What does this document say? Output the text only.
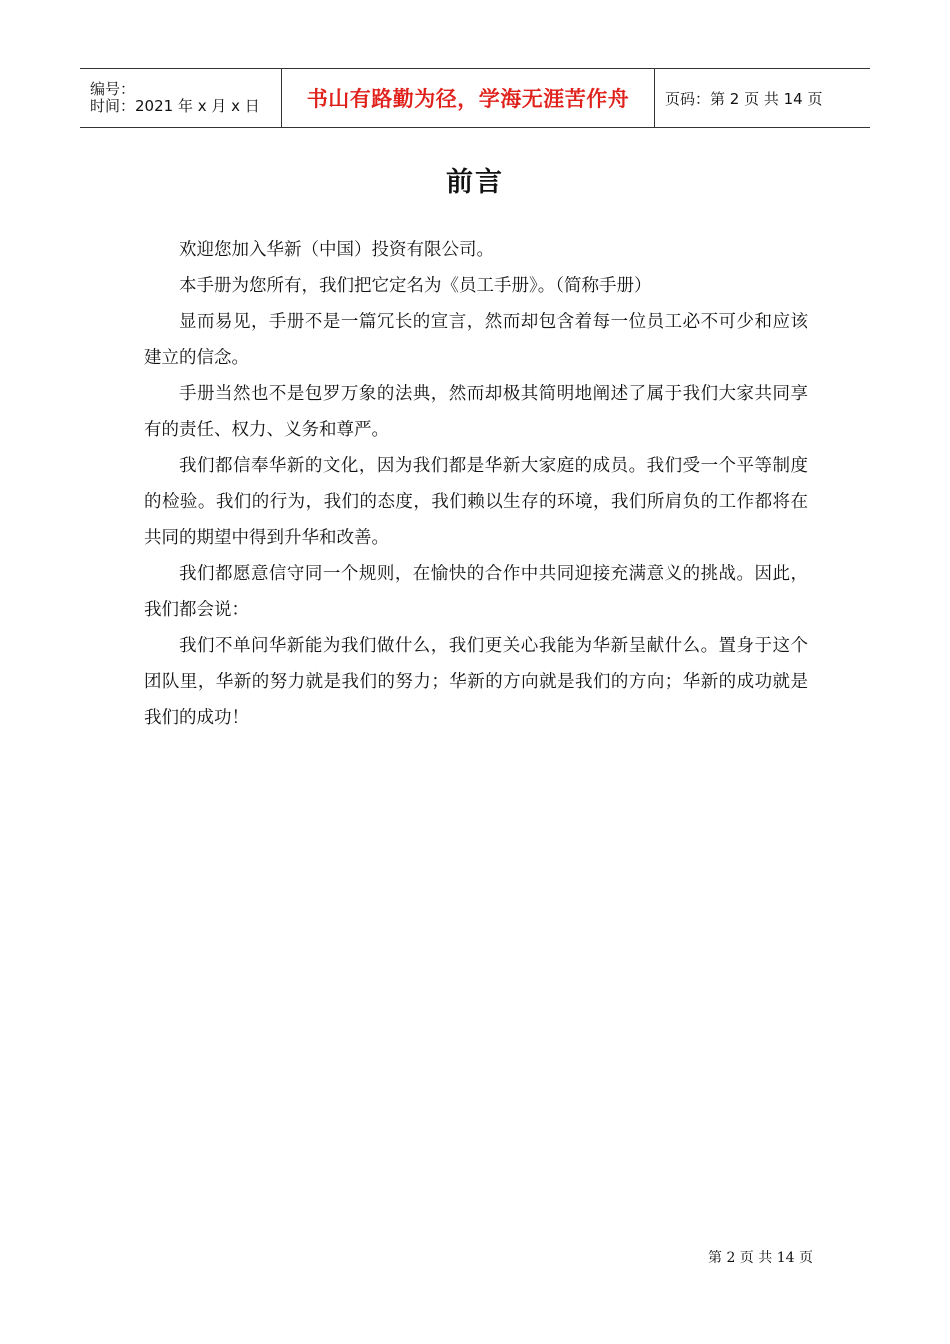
编号：
时间：2021 年 x 月 x 日	书山有路勤为径，学海无涯苦作舟 页码：第 2 页 共 14 页
前言

欢迎您加入华新（中国）投资有限公司。

本手册为您所有，我们把它定名为《员工手册》。（简称手册）

显而易见，手册不是一篇冗长的宣言，然而却包含着每一位员工必不可少和应该建立的信念。

手册当然也不是包罗万象的法典，然而却极其简明地阐述了属于我们大家共同享有的责任、权力、义务和尊严。

我们都信奉华新的文化，因为我们都是华新大家庭的成员。我们受一个平等制度的检验。我们的行为，我们的态度，我们赖以生存的环境，我们所肩负的工作都将在共同的期望中得到升华和改善。

我们都愿意信守同一个规则，在愉快的合作中共同迎接充满意义的挑战。因此，我们都会说：

我们不单问华新能为我们做什么，我们更关心我能为华新呈献什么。置身于这个团队里，华新的努力就是我们的努力；华新的方向就是我们的方向；华新的成功就是我们的成功！

第 2 页 共 14 页
